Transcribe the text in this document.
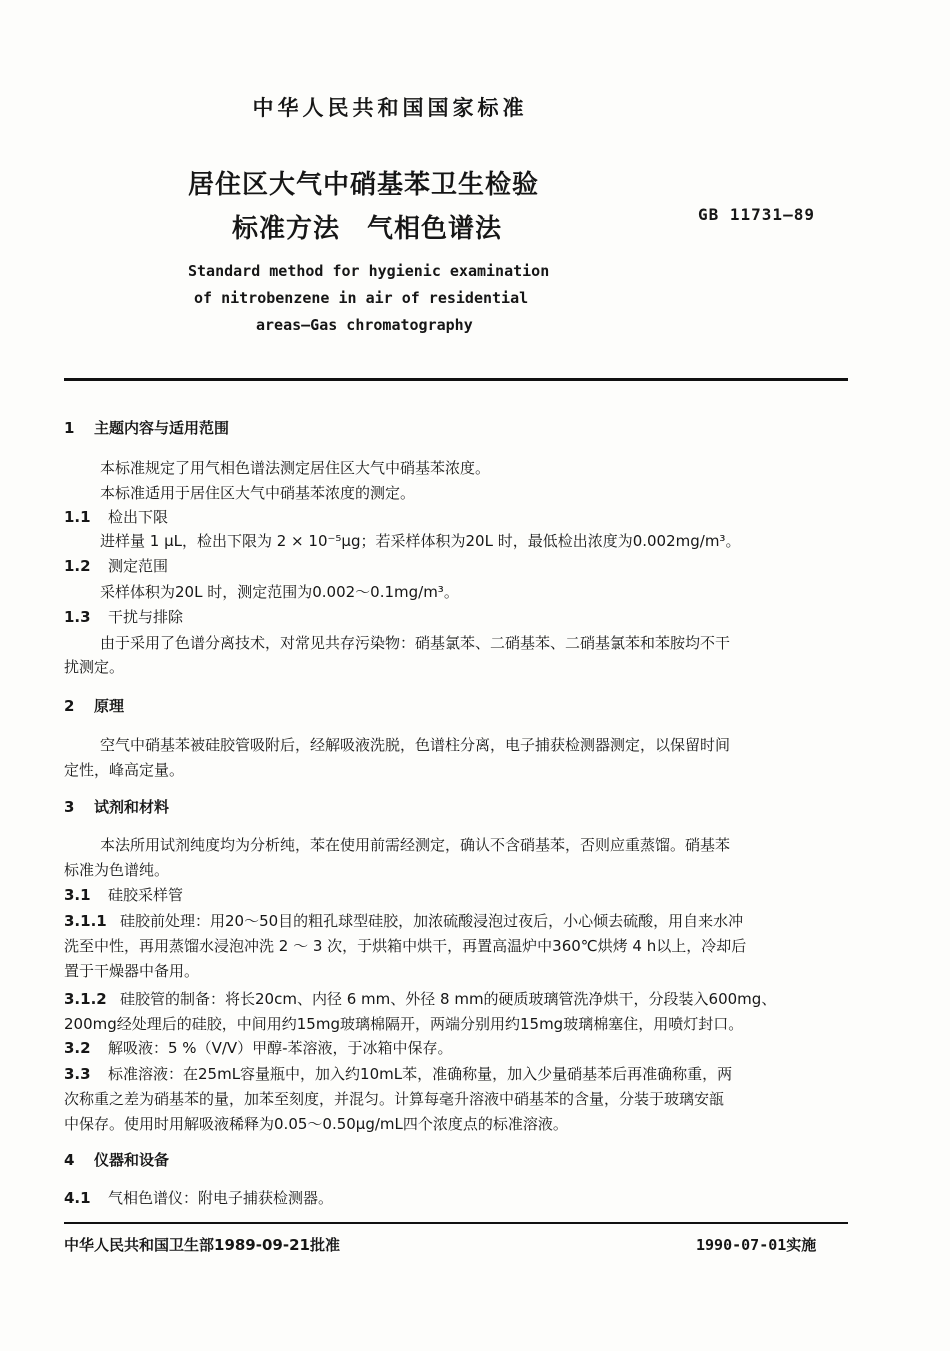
中华人民共和国国家标准
居住区大气中硝基苯卫生检验
标准方法　气相色谱法	GB 11731—89
Standard method for hygienic examination
of nitrobenzene in air of residential
areas—Gas chromatography
1 主题内容与适用范围
本标准规定了用气相色谱法测定居住区大气中硝基苯浓度。
本标准适用于居住区大气中硝基苯浓度的测定。
1.1 检出下限
进样量 1 μL，检出下限为 2 × 10⁻⁵μg；若采样体积为20L 时，最低检出浓度为0.002mg/m³。
1.2 测定范围
采样体积为20L 时，测定范围为0.002～0.1mg/m³。
1.3 干扰与排除
由于采用了色谱分离技术，对常见共存污染物：硝基氯苯、二硝基苯、二硝基氯苯和苯胺均不干
扰测定。
2 原理
空气中硝基苯被硅胶管吸附后，经解吸液洗脱，色谱柱分离，电子捕获检测器测定，以保留时间
定性，峰高定量。
3 试剂和材料
本法所用试剂纯度均为分析纯，苯在使用前需经测定，确认不含硝基苯，否则应重蒸馏。硝基苯
标准为色谱纯。
3.1 硅胶采样管
3.1.1 硅胶前处理：用20～50目的粗孔球型硅胶，加浓硫酸浸泡过夜后，小心倾去硫酸，用自来水冲
洗至中性，再用蒸馏水浸泡冲洗 2 ～ 3 次，于烘箱中烘干，再置高温炉中360℃烘烤 4 h以上，冷却后
置于干燥器中备用。
3.1.2 硅胶管的制备：将长20cm、内径 6 mm、外径 8 mm的硬质玻璃管洗净烘干，分段装入600mg、
200mg经处理后的硅胶，中间用约15mg玻璃棉隔开，两端分别用约15mg玻璃棉塞住，用喷灯封口。
3.2 解吸液：5 %（V/V）甲醇-苯溶液，于冰箱中保存。
3.3 标准溶液：在25mL容量瓶中，加入约10mL苯，准确称量，加入少量硝基苯后再准确称重，两
次称重之差为硝基苯的量，加苯至刻度，并混匀。计算每毫升溶液中硝基苯的含量，分装于玻璃安瓿
中保存。使用时用解吸液稀释为0.05～0.50μg/mL四个浓度点的标准溶液。
4 仪器和设备
4.1 气相色谱仪：附电子捕获检测器。
中华人民共和国卫生部1989-09-21批准	1990-07-01实施
